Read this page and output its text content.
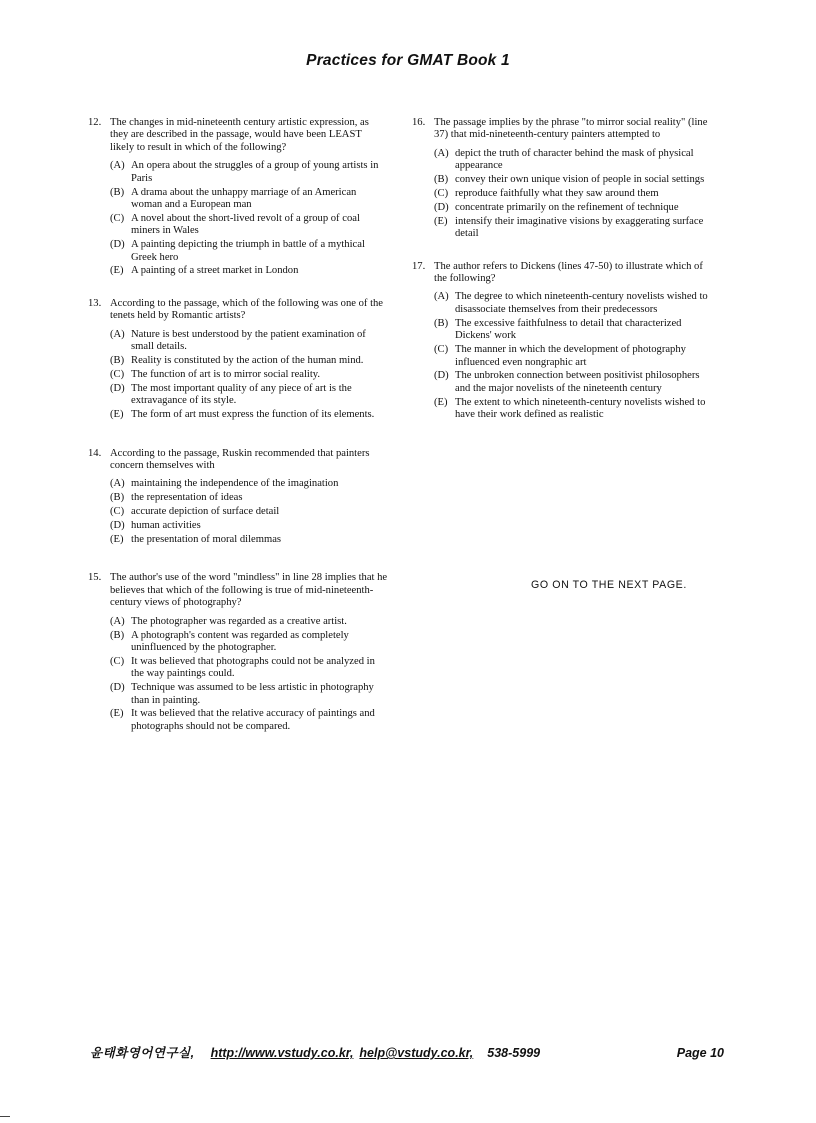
Practices for GMAT Book 1
12. The changes in mid-nineteenth century artistic expression, as they are described in the passage, would have been LEAST likely to result in which of the following?
(A) An opera about the struggles of a group of young artists in Paris
(B) A drama about the unhappy marriage of an American woman and a European man
(C) A novel about the short-lived revolt of a group of coal miners in Wales
(D) A painting depicting the triumph in battle of a mythical Greek hero
(E) A painting of a street market in London
13. According to the passage, which of the following was one of the tenets held by Romantic artists?
(A) Nature is best understood by the patient examination of small details.
(B) Reality is constituted by the action of the human mind.
(C) The function of art is to mirror social reality.
(D) The most important quality of any piece of art is the extravagance of its style.
(E) The form of art must express the function of its elements.
14. According to the passage, Ruskin recommended that painters concern themselves with
(A) maintaining the independence of the imagination
(B) the representation of ideas
(C) accurate depiction of surface detail
(D) human activities
(E) the presentation of moral dilemmas
15. The author's use of the word "mindless" in line 28 implies that he believes that which of the following is true of mid-nineteenth-century views of photography?
(A) The photographer was regarded as a creative artist.
(B) A photograph's content was regarded as completely uninfluenced by the photographer.
(C) It was believed that photographs could not be analyzed in the way paintings could.
(D) Technique was assumed to be less artistic in photography than in painting.
(E) It was believed that the relative accuracy of paintings and photographs should not be compared.
16. The passage implies by the phrase "to mirror social reality" (line 37) that mid-nineteenth-century painters attempted to
(A) depict the truth of character behind the mask of physical appearance
(B) convey their own unique vision of people in social settings
(C) reproduce faithfully what they saw around them
(D) concentrate primarily on the refinement of technique
(E) intensify their imaginative visions by exaggerating surface detail
17. The author refers to Dickens (lines 47-50) to illustrate which of the following?
(A) The degree to which nineteenth-century novelists wished to disassociate themselves from their predecessors
(B) The excessive faithfulness to detail that characterized Dickens' work
(C) The manner in which the development of photography influenced even nongraphic art
(D) The unbroken connection between positivist philosophers and the major novelists of the nineteenth century
(E) The extent to which nineteenth-century novelists wished to have their work defined as realistic
GO ON TO THE NEXT PAGE.
윤태화영어연구실, http://www.vstudy.co.kr, help@vstudy.co.kr, 538-5999	Page 10
